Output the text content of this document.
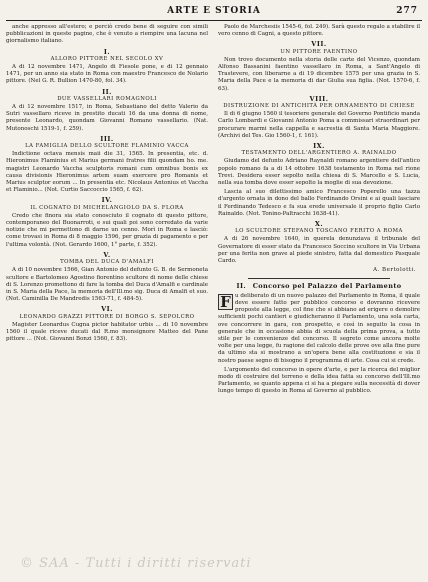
ARTE E STORIA	277

anche appresso all'estero; e perciò credo bene di seguire con simili pubblicazioni in queste pagine, che è venuto a riempire una lacuna nel giornalismo italiano.

I.
ALLORO PITTORE NEL SECOLO XV

A di 12 novembre 1471, Angelo di Fiesole pone, e di 12 gennaio 1471, per un anno sia stato in Roma con maestro Francesco de Nolario pittore. (Nel G. R. Bullion 1470-80, fol. 34).

II.
DUE VASSELLARI ROMAGNOLI

A di 12 novembre 1517, in Roma, Sebastiano del detto Valerio da Sutri vassellaro riceve in prestito ducati 16 da una donna di nome, presente Leonardo, quondam Giovanni Romano vassellario. (Nat. Mutonoschi 1519-1, f. 259).

III.
LA FAMIGLIA DELLO SCULTORE FLAMINIO VACCA

Indictione octava mensis maii die 31, 1565. In presentia, etc. d. Hieronimus Flaminius et Marius germani fratres filii quondam ho. me. magistri Leonardo Vaccha sculptoris romani cum omnibus bonis ex causa divisionis Hieronimus artem suam exercere pro Romanis et Marius sculptor eorum ... In presentia etc. Nicolaus Antonius et Vaccha et Flaminio... (Not. Curtio Saccoccio 1565, f. 62).

IV.
IL COGNATO DI MICHELANGIOLO DA S. FLORA

Credo che finora sia stato conosciuto il cognato di questo pittore, contemporaneo del Buonarroti, e sui quali poi sono corredato da varie notizie che mi permettono di darne un cenno. Morì in Roma e lasciò: come trovasi in Roma di 8 maggio 1596, per grazia di pagamento e per l'ultima volontà. (Not. Gerardo 1600, 1° parte, f. 352).

V.
TOMBA DEL DUCA D'AMALFI

A di 10 novembre 1566, Gian Antonio del defunto G. B. de Sermoneta scultore e Bartolomeo Agostino fiorentino scultore di nome delle chiese di S. Lorenzo promettono di fare la tomba del Duca d'Amalfi e cardinale in S. Maria della Pace, la memoria dell'Ill.mo sig. Duca di Amalfi et suo. (Not. Caminilla De Mandredis 1563-71, f. 484-5).

VI.
LEONARDO GRAZZI PITTORE DI BORGO S. SEPOLCRO

Magister Leonardus Cugna pictor habitator urbis ... di 10 novembre 1560 il quale riceve ducati dal R.mo monsignore Matteo del Pane pittore ... (Not. Giovanni Bonzi 1560, f. 83).

Paolo de Marchesiis 1545-6, fol. 249). Sarà questo regalo a stabilire il vero cenno di Cagni, a questo pittore.

VII.
UN PITTORE FAENTINO

Non trovo documento nella storia delle carte del Vicenzo, quondam Alfonso Bassanini faentino vassellaro in Roma, a Sant'Angelo di Trastevere, con liberarne a di 19 dicembre 1575 per una grazia in S. Maria della Pace e la memoria di dar Giulia sua figlia. (Not. 1570-6, f. 63).

VIII.
DISTRUZIONE DI ANTICHITÀ PER ORNAMENTO DI CHIESE

Il di 6 giugno 1560 il tesoriere generale del Governo Pontificio manda Carlo Lombardi e Giovanni Antonio Poma a commissari straordinari per procurare marmi nella cappella e sacrestia di Santa Maria Maggiore. (Archivi del Tes. Gio 1560-1, f. 161).

IX.
TESTAMENTO DELL'ARGENTIERO A. RAINALDO

Giudamo del defunto Adriano Raynaldi romano argentiere dell'antico popolo romano fa a di 14 ottobre 1638 testamento in Roma nel rione Trevi. Desidera esser sepolto nella chiesa di S. Marcello e S. Lucia, nella sua tomba dove esser sepolto la moglie di sua devozione.

Lascia al suo dilettissimo amico Francesco Poperello una tazza d'argento ornata in dono del ballo Ferdinando Orsini e ai quali lasciare il Ferdinando Tedesco e fa sua erede universale il proprio figlio Carlo Rainaldo. (Not. Tonino-Paltracchi 1638-41).

X.
LO SCULTORE STEFANO TOSCANO FERITO A ROMA

A di 26 novembre 1640, in querela denunziava il tribunale del Governatore di esser stato da Francesco Soccino scultore in Via Urbana per una ferita non grave al piede sinistro, fatta dal domestico Pasquale Cardo.

A. Bertolotti.
II. Concorso pel Palazzo del Parlamento

F u deliberato di un nuovo palazzo del Parlamento in Roma, il quale deve essere fatto per pubblico concorso e dovranno ricevere proposte alla legge, col fine che si abbiano ad erigere o demolire sufficienti pochi cantieri e giudicheranno il Parlamento, una sola carta, ove concorrere in gara, con prospetto, e così in seguito la cosa in generale che in occasione abbia di scuola della prima prova, a tutto stile per le convenienze del concorso. Il segreto come ancora molte volte per una legge, fu ragione del calcolo delle prove ove alla fine pure da ultimo sta si mostrano a un'opera bene alla costituzione e sia il nostro paese segno di bisogno il programma di arte. Cosa cui si crede.

L'argomento del concorso in opere d'arte, e per la ricerca del miglior modo di costruire del terreno e della idea fatta su concorso dell'Ill.mo Parlamento, se quanto appena ci si ha a piegare sulla necessità di dover lungo tempo di questo in Roma al Governo al pubblico.

© SAA - Tutti i diritti riservati
